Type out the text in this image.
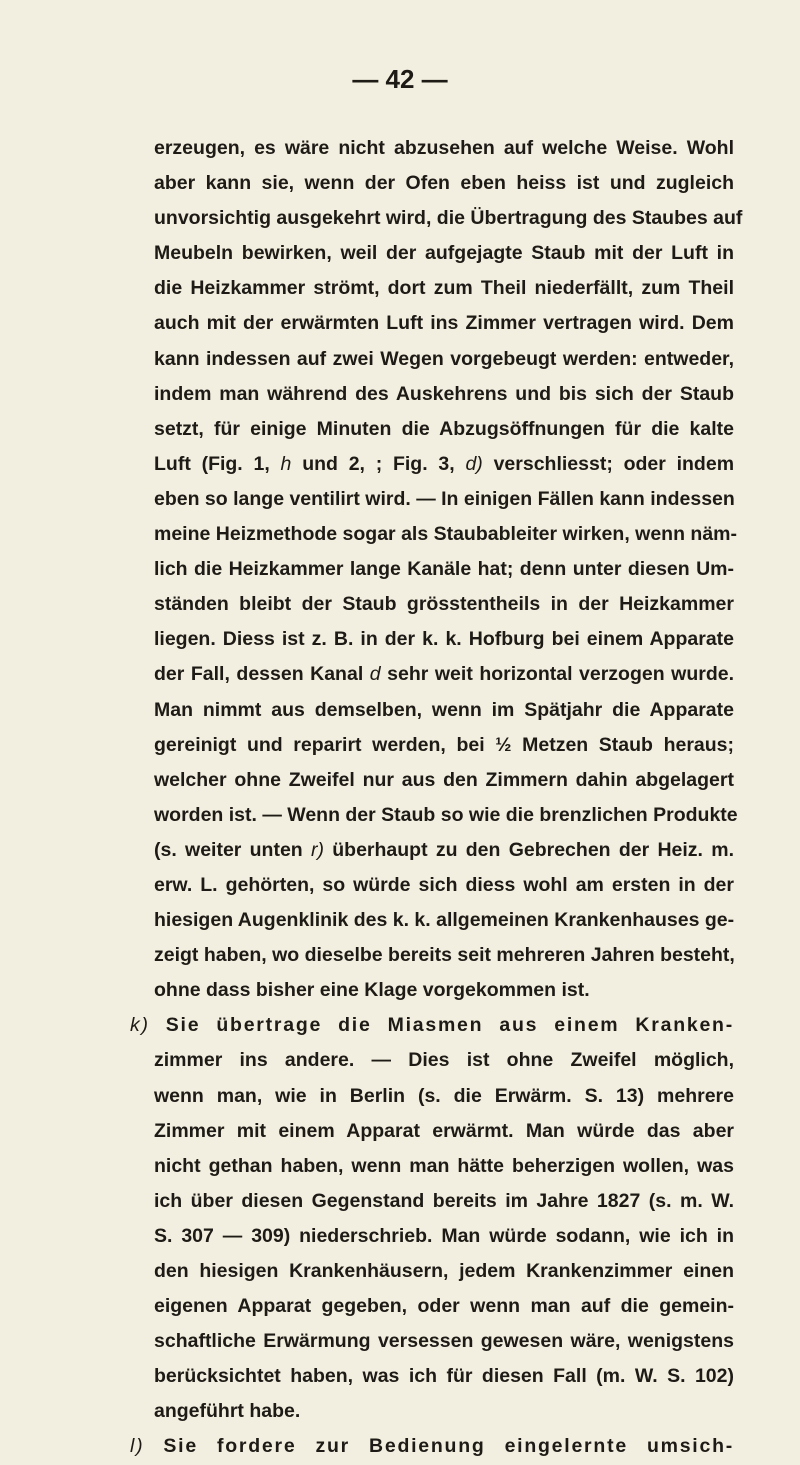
— 42 —
erzeugen, es wäre nicht abzusehen auf welche Weise. Wohl
aber kann sie, wenn der Ofen eben heiss ist und zugleich
unvorsichtig ausgekehrt wird, die Übertragung des Staubes auf
Meubeln bewirken, weil der aufgejagte Staub mit der Luft in
die Heizkammer strömt, dort zum Theil niederfällt, zum Theil
auch mit der erwärmten Luft ins Zimmer vertragen wird. Dem
kann indessen auf zwei Wegen vorgebeugt werden: entweder,
indem man während des Auskehrens und bis sich der Staub
setzt, für einige Minuten die Abzugsöffnungen für die kalte
Luft (Fig. 1, h und 2, ; Fig. 3, d) verschliesst; oder indem
eben so lange ventilirt wird. — In einigen Fällen kann indessen
meine Heizmethode sogar als Staubableiter wirken, wenn näm-
lich die Heizkammer lange Kanäle hat; denn unter diesen Um-
ständen bleibt der Staub grösstentheils in der Heizkammer
liegen. Diess ist z. B. in der k. k. Hofburg bei einem Apparate
der Fall, dessen Kanal d sehr weit horizontal verzogen wurde.
Man nimmt aus demselben, wenn im Spätjahr die Apparate
gereinigt und reparirt werden, bei ½ Metzen Staub heraus;
welcher ohne Zweifel nur aus den Zimmern dahin abgelagert
worden ist. — Wenn der Staub so wie die brenzlichen Produkte
(s. weiter unten r) überhaupt zu den Gebrechen der Heiz. m.
erw. L. gehörten, so würde sich diess wohl am ersten in der
hiesigen Augenklinik des k. k. allgemeinen Krankenhauses ge-
zeigt haben, wo dieselbe bereits seit mehreren Jahren besteht,
ohne dass bisher eine Klage vorgekommen ist.
k) Sie übertrage die Miasmen aus einem Kranken-
zimmer ins andere. — Dies ist ohne Zweifel möglich,
wenn man, wie in Berlin (s. die Erwärm. S. 13) mehrere
Zimmer mit einem Apparat erwärmt. Man würde das aber
nicht gethan haben, wenn man hätte beherzigen wollen, was
ich über diesen Gegenstand bereits im Jahre 1827 (s. m. W.
S. 307 — 309) niederschrieb. Man würde sodann, wie ich in
den hiesigen Krankenhäusern, jedem Krankenzimmer einen
eigenen Apparat gegeben, oder wenn man auf die gemein-
schaftliche Erwärmung versessen gewesen wäre, wenigstens
berücksichtet haben, was ich für diesen Fall (m. W. S. 102)
angeführt habe.
l) Sie fordere zur Bedienung eingelernte umsich-
